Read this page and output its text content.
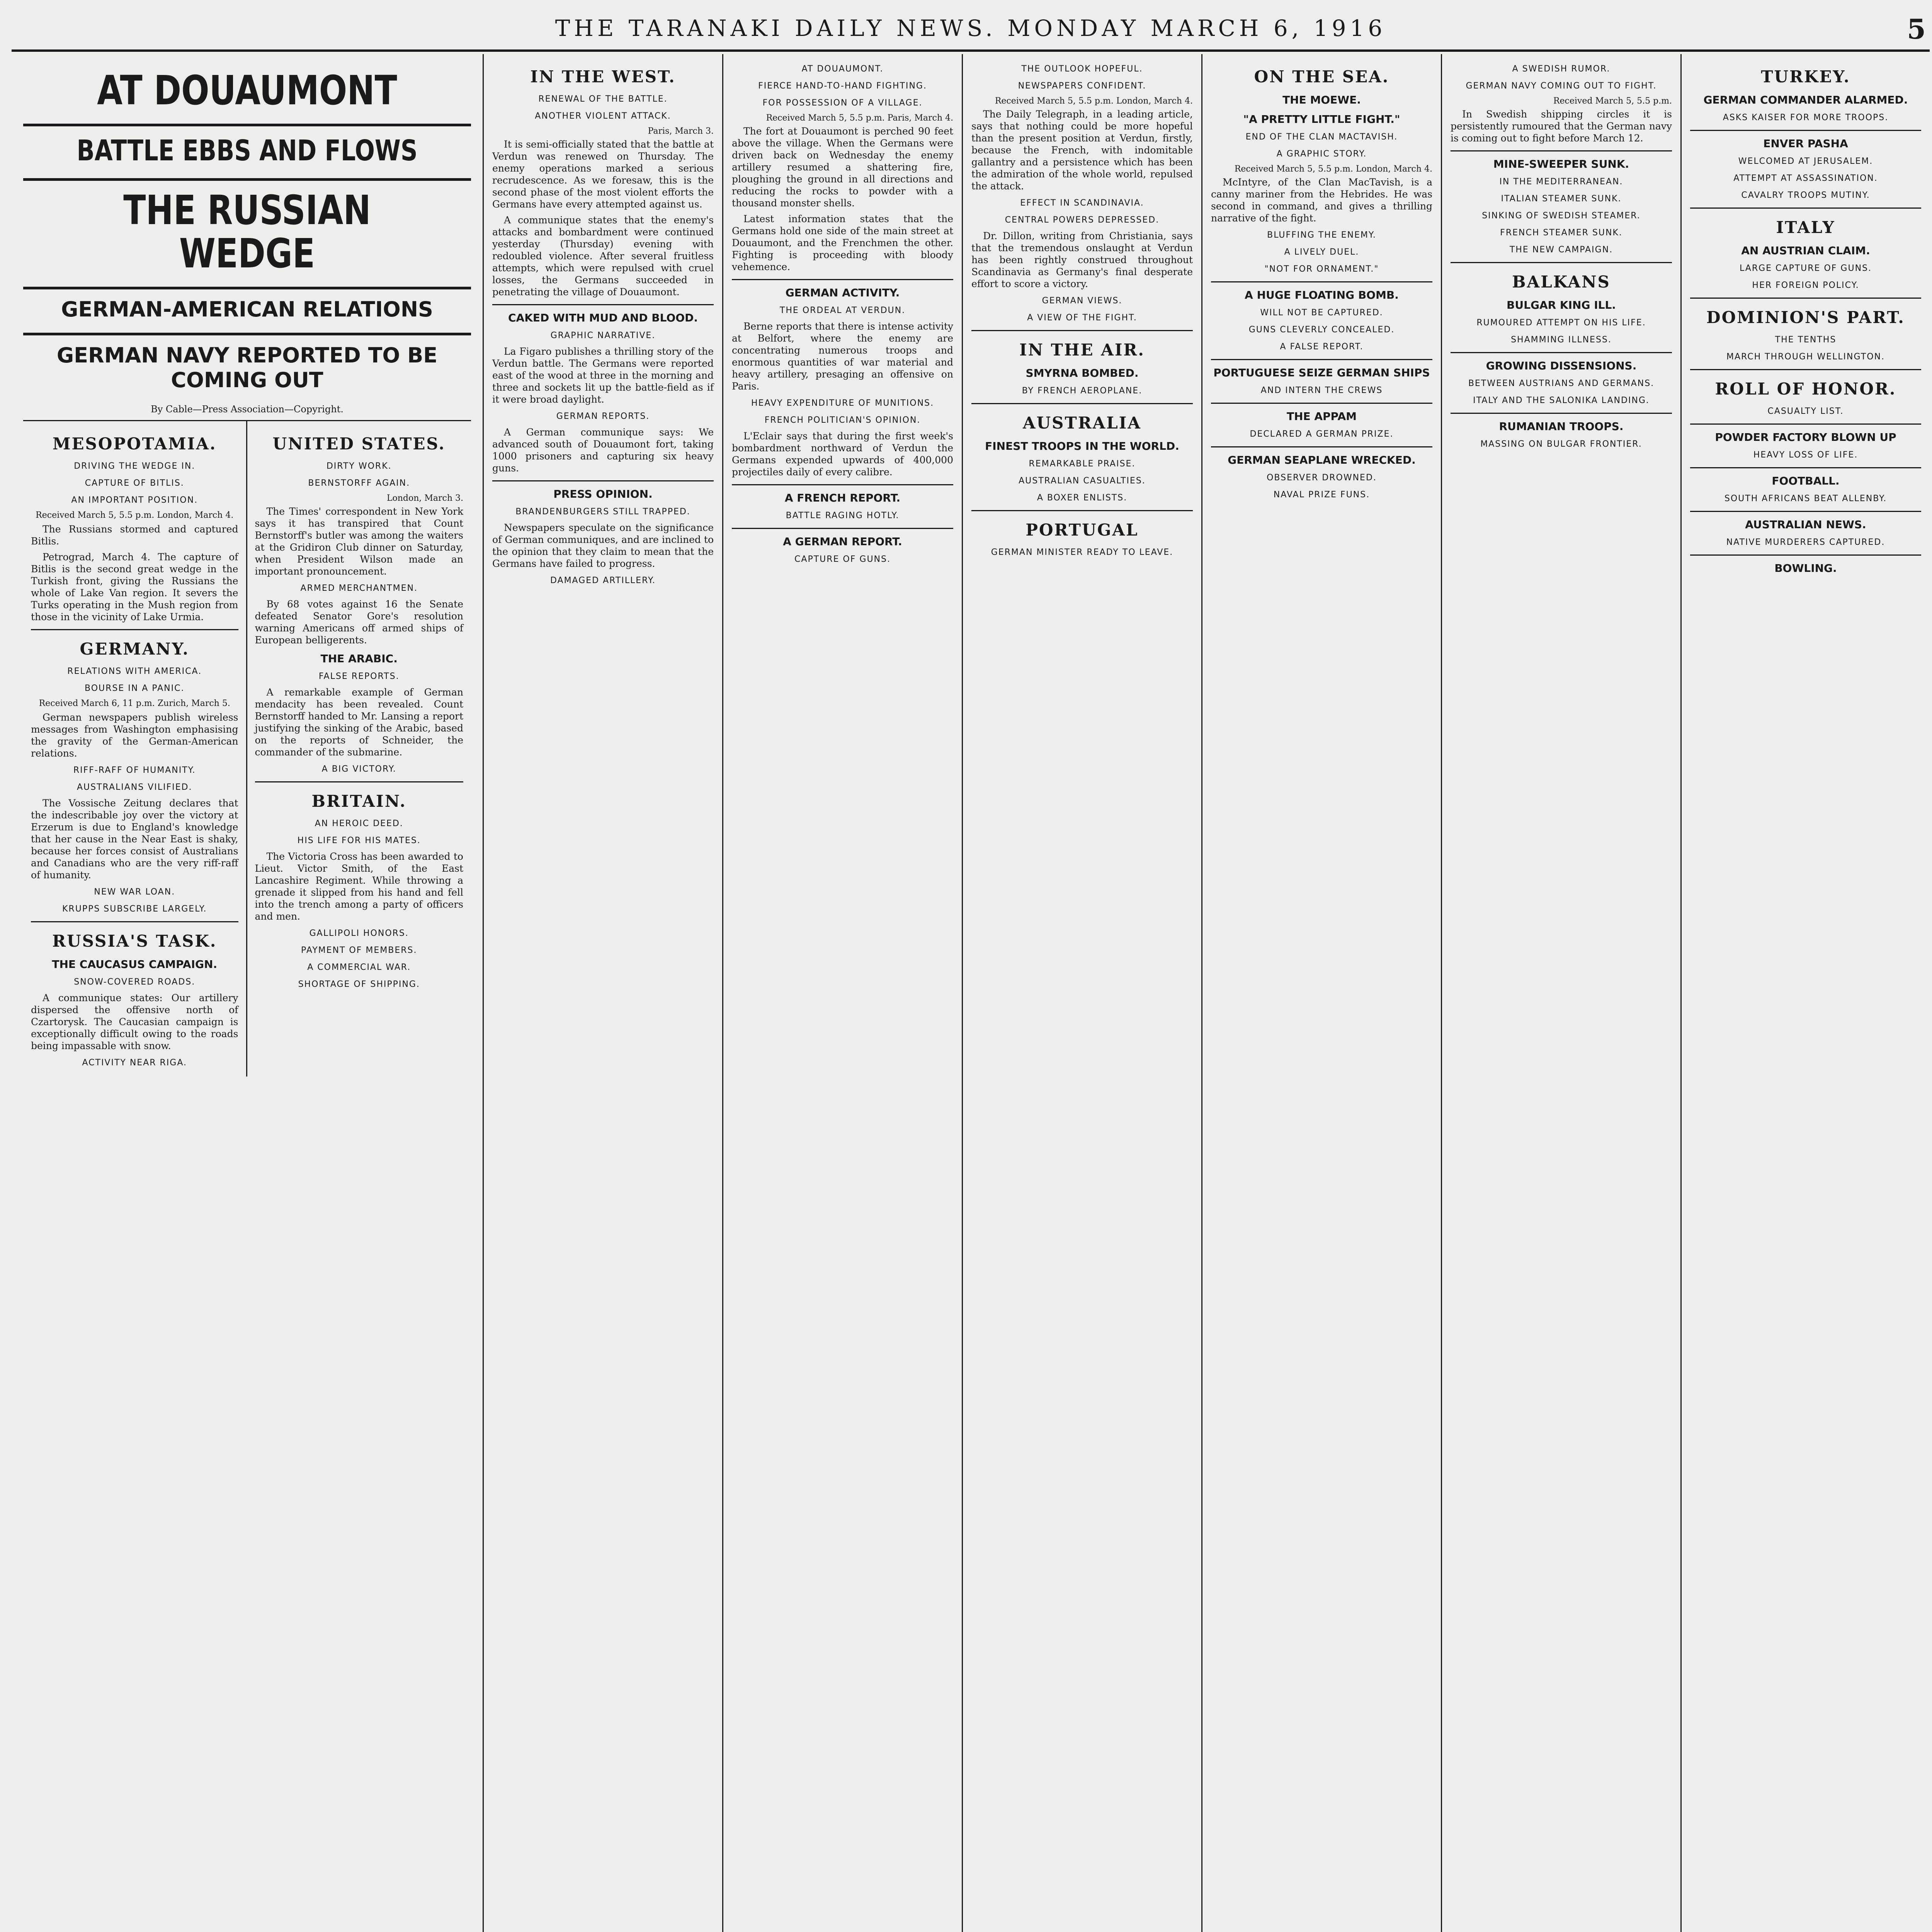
THE TARANAKI DAILY NEWS. MONDAY MARCH 6, 1916	5
AT DOUAUMONT
BATTLE EBBS AND FLOWS
THE RUSSIAN WEDGE
GERMAN-AMERICAN RELATIONS
GERMAN NAVY REPORTED TO BE COMING OUT
By Cable—Press Association—Copyright.
MESOPOTAMIA.
DRIVING THE WEDGE IN.
CAPTURE OF BITLIS.
AN IMPORTANT POSITION.
Received March 5, 5.5 p.m. London, March 4.

The Russians stormed and captured Bitlis.

Petrograd, March 4. The capture of Bitlis is the second great wedge in the Turkish front, giving the Russians the whole of Lake Van region. It severs the Turks operating in the Mush region from those in the vicinity of Lake Urmia.

GERMANY.
RELATIONS WITH AMERICA.
BOURSE IN A PANIC.
Received March 6, 11 p.m. Zurich, March 5.

German newspapers publish wireless messages from Washington emphasising the gravity of the German-American relations.

RIFF-RAFF OF HUMANITY.
AUSTRALIANS VILIFIED.

The Vossische Zeitung declares that the indescribable joy over the victory at Erzerum is due to England's knowledge that her cause in the Near East is shaky, because her forces consist of Australians and Canadians who are the very riff-raff of humanity.

NEW WAR LOAN.
KRUPPS SUBSCRIBE LARGELY.
RUSSIA'S TASK.
THE CAUCASUS CAMPAIGN.
SNOW-COVERED ROADS.

A communique states: Our artillery dispersed the offensive north of Czartorysk. The Caucasian campaign is exceptionally difficult owing to the roads being impassable with snow.

ACTIVITY NEAR RIGA.
UNITED STATES.
DIRTY WORK.
BERNSTORFF AGAIN.
London, March 3.

The Times' correspondent in New York says it has transpired that Count Bernstorff's butler was among the waiters at the Gridiron Club dinner on Saturday, when President Wilson made an important pronouncement.

ARMED MERCHANTMEN.

By 68 votes against 16 the Senate defeated Senator Gore's resolution warning Americans off armed ships of European belligerents.

THE ARABIC.
FALSE REPORTS.

A remarkable example of German mendacity has been revealed. Count Bernstorff handed to Mr. Lansing a report justifying the sinking of the Arabic, based on the reports of Schneider, the commander of the submarine.

A BIG VICTORY.
BRITAIN.
AN HEROIC DEED.
HIS LIFE FOR HIS MATES.

The Victoria Cross has been awarded to Lieut. Victor Smith, of the East Lancashire Regiment. While throwing a grenade it slipped from his hand and fell into the trench among a party of officers and men.

GALLIPOLI HONORS.
PAYMENT OF MEMBERS.
A COMMERCIAL WAR.
SHORTAGE OF SHIPPING.
IN THE WEST.
RENEWAL OF THE BATTLE.
ANOTHER VIOLENT ATTACK.
Paris, March 3.

It is semi-officially stated that the battle at Verdun was renewed on Thursday. The enemy operations marked a serious recrudescence. As we foresaw, this is the second phase of the most violent efforts the Germans have every attempted against us.

A communique states that the enemy's attacks and bombardment were continued yesterday (Thursday) evening with redoubled violence. After several fruitless attempts, which were repulsed with cruel losses, the Germans succeeded in penetrating the village of Douaumont.

CAKED WITH MUD AND BLOOD.
GRAPHIC NARRATIVE.

La Figaro publishes a thrilling story of the Verdun battle. The Germans were reported east of the wood at three in the morning and three and sockets lit up the battle-field as if it were broad daylight.

GERMAN REPORTS.

A German communique says: We advanced south of Douaumont fort, taking 1000 prisoners and capturing six heavy guns.

PRESS OPINION.
BRANDENBURGERS STILL TRAPPED.

Newspapers speculate on the significance of German communiques, and are inclined to the opinion that they claim to mean that the Germans have failed to progress.

DAMAGED ARTILLERY.
AT DOUAUMONT.
FIERCE HAND-TO-HAND FIGHTING.
FOR POSSESSION OF A VILLAGE.
Received March 5, 5.5 p.m. Paris, March 4.

The fort at Douaumont is perched 90 feet above the village. When the Germans were driven back on Wednesday the enemy artillery resumed a shattering fire, ploughing the ground in all directions and reducing the rocks to powder with a thousand monster shells.

Latest information states that the Germans hold one side of the main street at Douaumont, and the Frenchmen the other. Fighting is proceeding with bloody vehemence.

GERMAN ACTIVITY.
THE ORDEAL AT VERDUN.

Berne reports that there is intense activity at Belfort, where the enemy are concentrating numerous troops and enormous quantities of war material and heavy artillery, presaging an offensive on Paris.

HEAVY EXPENDITURE OF MUNITIONS.
FRENCH POLITICIAN'S OPINION.

L'Eclair says that during the first week's bombardment northward of Verdun the Germans expended upwards of 400,000 projectiles daily of every calibre.

A FRENCH REPORT.
BATTLE RAGING HOTLY.
A GERMAN REPORT.
CAPTURE OF GUNS.
THE OUTLOOK HOPEFUL.
NEWSPAPERS CONFIDENT.
Received March 5, 5.5 p.m. London, March 4.

The Daily Telegraph, in a leading article, says that nothing could be more hopeful than the present position at Verdun, firstly, because the French, with indomitable gallantry and a persistence which has been the admiration of the whole world, repulsed the attack.

EFFECT IN SCANDINAVIA.
CENTRAL POWERS DEPRESSED.

Dr. Dillon, writing from Christiania, says that the tremendous onslaught at Verdun has been rightly construed throughout Scandinavia as Germany's final desperate effort to score a victory.

GERMAN VIEWS.
A VIEW OF THE FIGHT.
IN THE AIR.
SMYRNA BOMBED.
BY FRENCH AEROPLANE.
AUSTRALIA
FINEST TROOPS IN THE WORLD.
REMARKABLE PRAISE.
AUSTRALIAN CASUALTIES.
A BOXER ENLISTS.
PORTUGAL
GERMAN MINISTER READY TO LEAVE.
ON THE SEA.
THE MOEWE.
"A PRETTY LITTLE FIGHT."
END OF THE CLAN MACTAVISH.
A GRAPHIC STORY.
Received March 5, 5.5 p.m. London, March 4.

McIntyre, of the Clan MacTavish, is a canny mariner from the Hebrides. He was second in command, and gives a thrilling narrative of the fight.

BLUFFING THE ENEMY.
A LIVELY DUEL.
"NOT FOR ORNAMENT."
A HUGE FLOATING BOMB.
WILL NOT BE CAPTURED.
GUNS CLEVERLY CONCEALED.
A FALSE REPORT.
PORTUGUESE SEIZE GERMAN SHIPS
AND INTERN THE CREWS
THE APPAM
DECLARED A GERMAN PRIZE.
GERMAN SEAPLANE WRECKED.
OBSERVER DROWNED.
NAVAL PRIZE FUNS.
A SWEDISH RUMOR.
GERMAN NAVY COMING OUT TO FIGHT.
Received March 5, 5.5 p.m.

In Swedish shipping circles it is persistently rumoured that the German navy is coming out to fight before March 12.

MINE-SWEEPER SUNK.
IN THE MEDITERRANEAN.
ITALIAN STEAMER SUNK.
SINKING OF SWEDISH STEAMER.
FRENCH STEAMER SUNK.
THE NEW CAMPAIGN.
BALKANS
BULGAR KING ILL.
RUMOURED ATTEMPT ON HIS LIFE.
SHAMMING ILLNESS.
GROWING DISSENSIONS.
BETWEEN AUSTRIANS AND GERMANS.
ITALY AND THE SALONIKA LANDING.
RUMANIAN TROOPS.
MASSING ON BULGAR FRONTIER.
TURKEY.
GERMAN COMMANDER ALARMED.
ASKS KAISER FOR MORE TROOPS.
ENVER PASHA
WELCOMED AT JERUSALEM.
ATTEMPT AT ASSASSINATION.
CAVALRY TROOPS MUTINY.
ITALY
AN AUSTRIAN CLAIM.
LARGE CAPTURE OF GUNS.
HER FOREIGN POLICY.
DOMINION'S PART.
THE TENTHS
MARCH THROUGH WELLINGTON.
ROLL OF HONOR.
CASUALTY LIST.
POWDER FACTORY BLOWN UP
HEAVY LOSS OF LIFE.
FOOTBALL.
SOUTH AFRICANS BEAT ALLENBY.
AUSTRALIAN NEWS.
NATIVE MURDERERS CAPTURED.
BOWLING.
